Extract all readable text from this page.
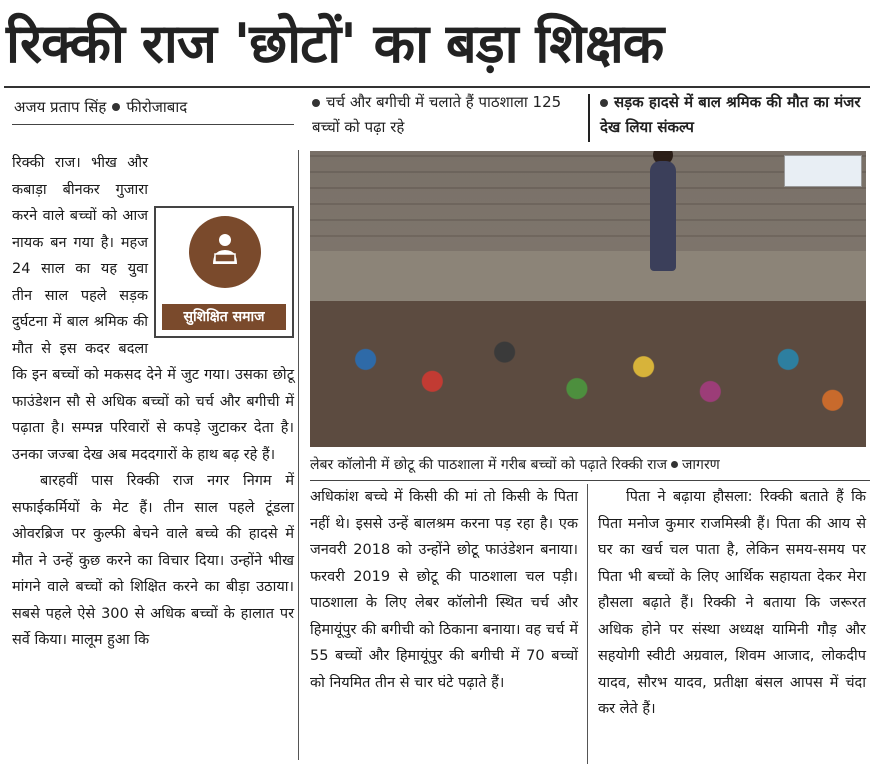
रिक्की राज 'छोटों' का बड़ा शिक्षक
अजय प्रताप सिंह फीरोजाबाद	चर्च और बगीची में चलाते हैं पाठशाला 125 बच्चों को पढ़ा रहे
सड़क हादसे में बाल श्रमिक की मौत का मंजर देख लिया संकल्प
सुशिक्षित समाज

रिक्की राज। भीख और कबाड़ा बीनकर गुजारा करने वाले बच्चों को आज नायक बन गया है। महज 24 साल का यह युवा तीन साल पहले सड़क दुर्घटना में बाल श्रमिक की मौत से इस कदर बदला कि इन बच्चों को मकसद देने में जुट गया। उसका छोटू फाउंडेशन सौ से अधिक बच्चों को चर्च और बगीची में पढ़ाता है। सम्पन्न परिवारों से कपड़े जुटाकर देता है। उनका जज्बा देख अब मददगारों के हाथ बढ़ रहे हैं।

बारहवीं पास रिक्की राज नगर निगम में सफाईकर्मियों के मेट हैं। तीन साल पहले टूंडला ओवरब्रिज पर कुल्फी बेचने वाले बच्चे की हादसे में मौत ने उन्हें कुछ करने का विचार दिया। उन्होंने भीख मांगने वाले बच्चों को शिक्षित करने का बीड़ा उठाया। सबसे पहले ऐसे 300 से अधिक बच्चों के हालात पर सर्वे किया। मालूम हुआ कि

लेबर कॉलोनी में छोटू की पाठशाला में गरीब बच्चों को पढ़ाते रिक्की राज जागरण

अधिकांश बच्चे में किसी की मां तो किसी के पिता नहीं थे। इससे उन्हें बालश्रम करना पड़ रहा है। एक जनवरी 2018 को उन्होंने छोटू फाउंडेशन बनाया। फरवरी 2019 से छोटू की पाठशाला चल पड़ी। पाठशाला के लिए लेबर कॉलोनी स्थित चर्च और हिमायूंपुर की बगीची को ठिकाना बनाया। वह चर्च में 55 बच्चों और हिमायूंपुर की बगीची में 70 बच्चों को नियमित तीन से चार घंटे पढ़ाते हैं।

पिता ने बढ़ाया हौसला: रिक्की बताते हैं कि पिता मनोज कुमार राजमिस्त्री हैं। पिता की आय से घर का खर्च चल पाता है, लेकिन समय-समय पर पिता भी बच्चों के लिए आर्थिक सहायता देकर मेरा हौसला बढ़ाते हैं। रिक्की ने बताया कि जरूरत अधिक होने पर संस्था अध्यक्ष यामिनी गौड़ और सहयोगी स्वीटी अग्रवाल, शिवम आजाद, लोकदीप यादव, सौरभ यादव, प्रतीक्षा बंसल आपस में चंदा कर लेते हैं।
